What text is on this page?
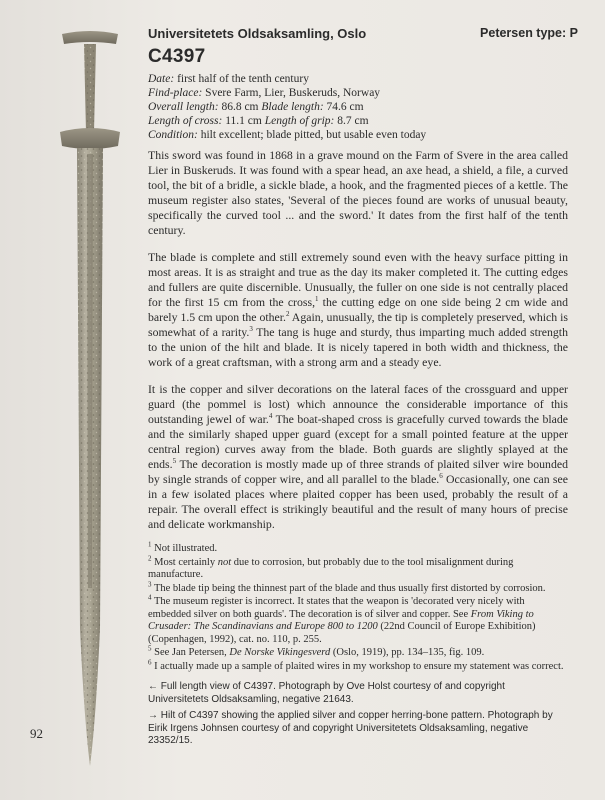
Universitetets Oldsaksamling, Oslo	Petersen type: P
C4397
Date: first half of the tenth century
Find-place: Svere Farm, Lier, Buskeruds, Norway
Overall length: 86.8 cm Blade length: 74.6 cm
Length of cross: 11.1 cm Length of grip: 8.7 cm
Condition: hilt excellent; blade pitted, but usable even today

This sword was found in 1868 in a grave mound on the Farm of Svere in the area called Lier in Buskeruds. It was found with a spear head, an axe head, a shield, a file, a curved tool, the bit of a bridle, a sickle blade, a hook, and the fragmented pieces of a kettle. The museum register also states, 'Several of the pieces found are works of unusual beauty, specifically the curved tool ... and the sword.' It dates from the first half of the tenth century.

The blade is complete and still extremely sound even with the heavy surface pitting in most areas. It is as straight and true as the day its maker completed it. The cutting edges and fullers are quite discernible. Unusually, the fuller on one side is not centrally placed for the first 15 cm from the cross,$^1$ the cutting edge on one side being 2 cm wide and barely 1.5 cm upon the other.$^2$ Again, unusually, the tip is completely preserved, which is somewhat of a rarity.$^3$ The tang is huge and sturdy, thus imparting much added strength to the union of the hilt and blade. It is nicely tapered in both width and thickness, the work of a great craftsman, with a strong arm and a steady eye.

It is the copper and silver decorations on the lateral faces of the crossguard and upper guard (the pommel is lost) which announce the considerable importance of this outstanding jewel of war.$^4$ The boat-shaped cross is gracefully curved towards the blade and the similarly shaped upper guard (except for a small pointed feature at the upper central region) curves away from the blade. Both guards are slightly splayed at the ends.$^5$ The decoration is mostly made up of three strands of plaited silver wire bounded by single strands of copper wire, and all parallel to the blade.$^6$ Occasionally, one can see in a few isolated places where plaited copper has been used, probably the result of a repair. The overall effect is strikingly beautiful and the result of many hours of precise and delicate workmanship.

$^1$ Not illustrated.
$^2$ Most certainly not due to corrosion, but probably due to the tool misalignment during manufacture.
$^3$ The blade tip being the thinnest part of the blade and thus usually first distorted by corrosion.
$^4$ The museum register is incorrect. It states that the weapon is 'decorated very nicely with embedded silver on both guards'. The decoration is of silver and copper. See From Viking to Crusader: The Scandinavians and Europe 800 to 1200 (22nd Council of Europe Exhibition) (Copenhagen, 1992), cat. no. 110, p. 255.
$^5$ See Jan Petersen, De Norske Vikingesverd (Oslo, 1919), pp. 134–135, fig. 109.
$^6$ I actually made up a sample of plaited wires in my workshop to ensure my statement was correct.
← Full length view of C4397. Photograph by Ove Holst courtesy of and copyright Universitetets Oldsaksamling, negative 21643.
→ Hilt of C4397 showing the applied silver and copper herring-bone pattern. Photograph by Eirik Irgens Johnsen courtesy of and copyright Universitetets Oldsaksamling, negative 23352/15.
92
